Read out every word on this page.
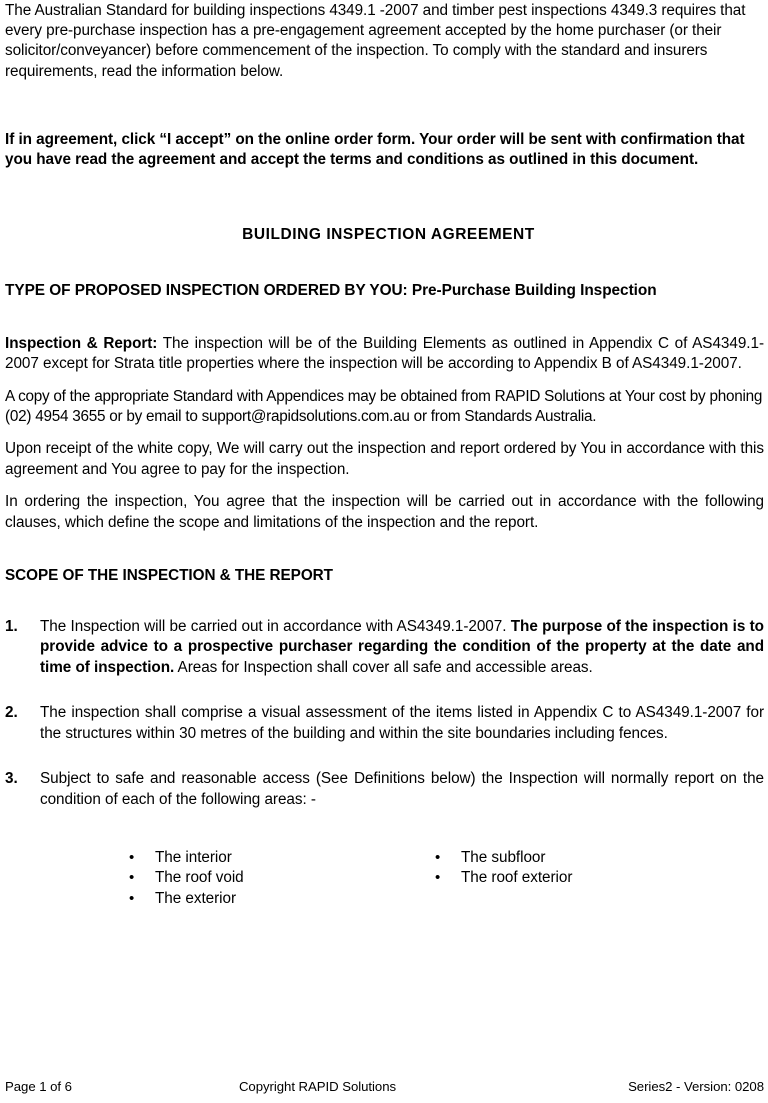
The Australian Standard for building inspections 4349.1 -2007 and timber pest inspections 4349.3 requires that every pre-purchase inspection has a pre-engagement agreement accepted by the home purchaser (or their solicitor/conveyancer) before commencement of the inspection. To comply with the standard and insurers requirements, read the information below.

If in agreement, click “I accept” on the online order form. Your order will be sent with confirmation that you have read the agreement and accept the terms and conditions as outlined in this document.

BUILDING INSPECTION AGREEMENT

TYPE OF PROPOSED INSPECTION ORDERED BY YOU: Pre-Purchase Building Inspection

Inspection & Report: The inspection will be of the Building Elements as outlined in Appendix C of AS4349.1-2007 except for Strata title properties where the inspection will be according to Appendix B of AS4349.1-2007.

A copy of the appropriate Standard with Appendices may be obtained from RAPID Solutions at Your cost by phoning (02) 4954 3655 or by email to support@rapidsolutions.com.au or from Standards Australia.

Upon receipt of the white copy, We will carry out the inspection and report ordered by You in accordance with this agreement and You agree to pay for the inspection.

In ordering the inspection, You agree that the inspection will be carried out in accordance with the following clauses, which define the scope and limitations of the inspection and the report.

SCOPE OF THE INSPECTION & THE REPORT
1. The Inspection will be carried out in accordance with AS4349.1-2007. The purpose of the inspection is to provide advice to a prospective purchaser regarding the condition of the property at the date and time of inspection. Areas for Inspection shall cover all safe and accessible areas.
2. The inspection shall comprise a visual assessment of the items listed in Appendix C to AS4349.1-2007 for the structures within 30 metres of the building and within the site boundaries including fences.
3. Subject to safe and reasonable access (See Definitions below) the Inspection will normally report on the condition of each of the following areas: -
• The interior
• The roof void
• The exterior
• The subfloor
• The roof exterior
Page 1 of 6	Copyright RAPID Solutions	Series2 - Version: 0208
